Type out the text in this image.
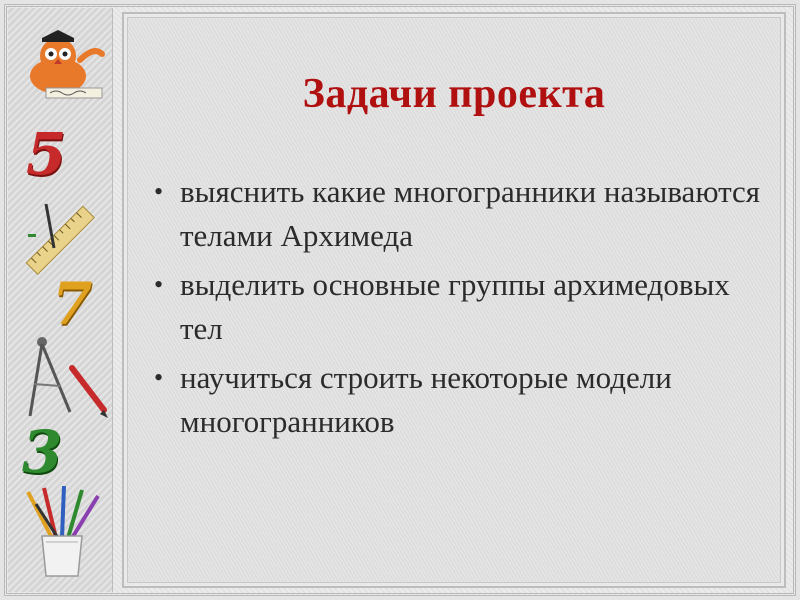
5
7
3
Задачи проекта
• выяснить какие многогранники называются телами Архимеда
• выделить основные группы архимедовых тел
• научиться строить некоторые модели многогранников
